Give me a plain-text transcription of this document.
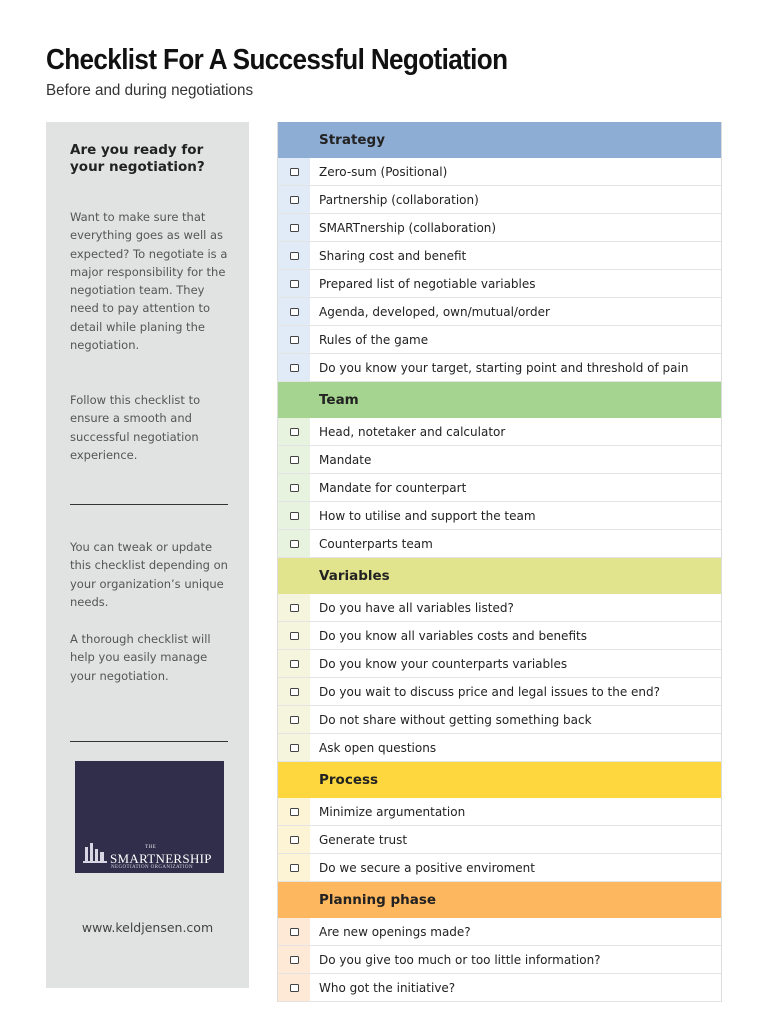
Checklist For A Successful Negotiation
Before and during negotiations
Are you ready for your negotiation?

Want to make sure that everything goes as well as expected? To negotiate is a major responsibility for the negotiation team. They need to pay attention to detail while planing the negotiation.

Follow this checklist to ensure a smooth and successful negotiation experience.

You can tweak or update this checklist depending on your organization’s unique needs.

A thorough checklist will help you easily manage your negotiation.

THE
SMARTNERSHIP
NEGOTIATION ORGANIZATION
www.keldjensen.com
Strategy
Zero-sum (Positional)
Partnership (collaboration)
SMARTnership (collaboration)
Sharing cost and benefit
Prepared list of negotiable variables
Agenda, developed, own/mutual/order
Rules of the game
Do you know your target, starting point and threshold of pain
Team
Head, notetaker and calculator
Mandate
Mandate for counterpart
How to utilise and support the team
Counterparts team
Variables
Do you have all variables listed?
Do you know all variables costs and benefits
Do you know your counterparts variables
Do you wait to discuss price and legal issues to the end?
Do not share without getting something back
Ask open questions
Process
Minimize argumentation
Generate trust
Do we secure a positive enviroment
Planning phase
Are new openings made?
Do you give too much or too little information?
Who got the initiative?
